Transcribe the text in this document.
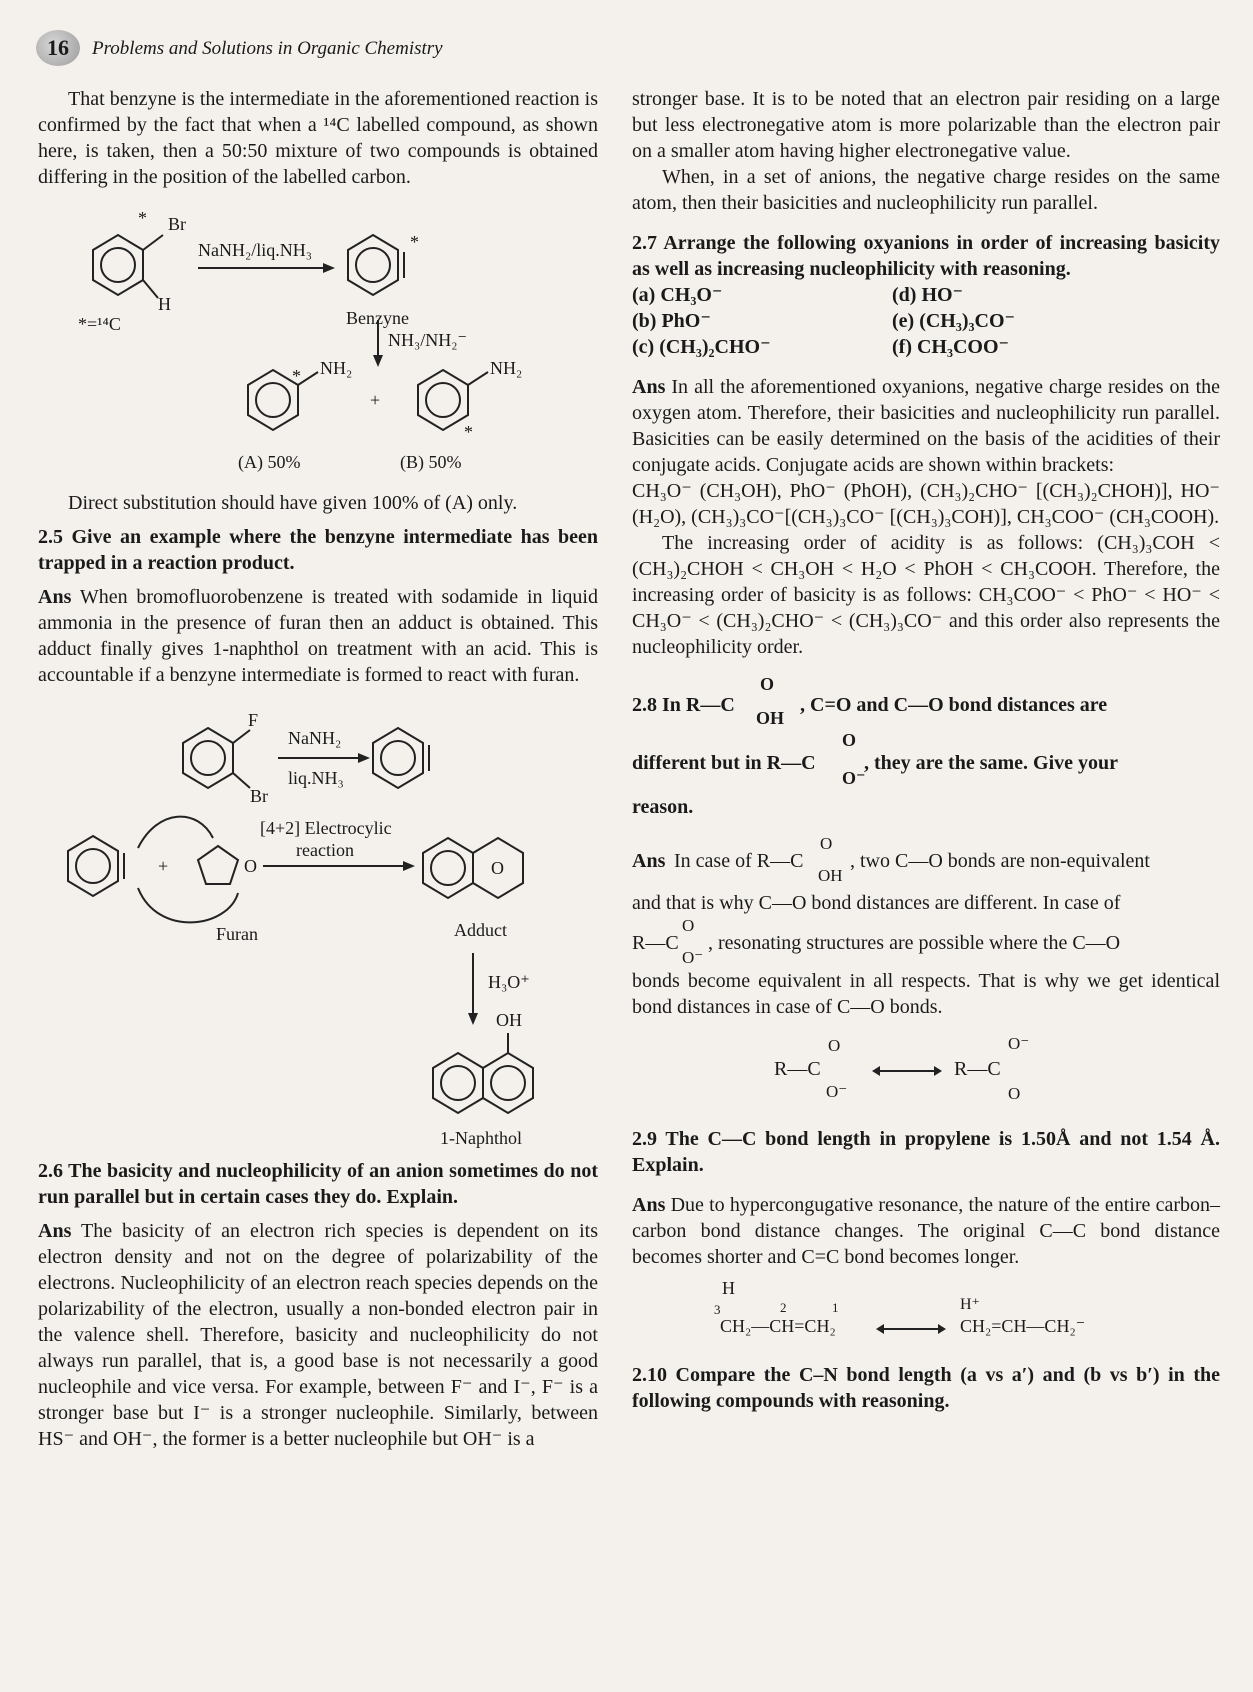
16	Problems and Solutions in Organic Chemistry

That benzyne is the intermediate in the aforementioned reaction is confirmed by the fact that when a ¹⁴C labelled compound, as shown here, is taken, then a 50:50 mixture of two compounds is obtained differing in the position of the labelled carbon.

Br
*
H
*=¹⁴C
NaNH₂/liq.NH₃	*
Benzyne
NH₃/NH₂⁻
NH₂
*
+
NH₂
*
(A) 50%	(B) 50%

Direct substitution should have given 100% of (A) only.

2.5 Give an example where the benzyne intermediate has been trapped in a reaction product.

Ans When bromofluorobenzene is treated with sodamide in liquid ammonia in the presence of furan then an adduct is obtained. This adduct finally gives 1-naphthol on treatment with an acid. This is accountable if a benzyne intermediate is formed to react with furan.

F
Br
NaNH₂
liq.NH₃
+	O
Furan
[4+2] Electrocylic
reaction
O
Adduct
H₃O⁺
OH
1-Naphthol

2.6 The basicity and nucleophilicity of an anion sometimes do not run parallel but in certain cases they do. Explain.

Ans The basicity of an electron rich species is dependent on its electron density and not on the degree of polarizability of the electrons. Nucleophilicity of an electron reach species depends on the polarizability of the electron, usually a non-bonded electron pair in the valence shell. Therefore, basicity and nucleophilicity do not always run parallel, that is, a good base is not necessarily a good nucleophile and vice versa. For example, between F⁻ and I⁻, F⁻ is a stronger base but I⁻ is a stronger nucleophile. Similarly, between HS⁻ and OH⁻, the former is a better nucleophile but OH⁻ is a

stronger base. It is to be noted that an electron pair residing on a large but less electronegative atom is more polarizable than the electron pair on a smaller atom having higher electronegative value.

When, in a set of anions, the negative charge resides on the same atom, then their basicities and nucleophilicity run parallel.

2.7 Arrange the following oxyanions in order of increasing basicity as well as increasing nucleophilicity with reasoning.

(a) CH₃O⁻	(d) HO⁻
(b) PhO⁻	(e) (CH₃)₃CO⁻
(c) (CH₃)₂CHO⁻	(f) CH₃COO⁻

Ans In all the aforementioned oxyanions, negative charge resides on the oxygen atom. Therefore, their basicities and nucleophilicity run parallel. Basicities can be easily determined on the basis of the acidities of their conjugate acids. Conjugate acids are shown within brackets:

CH₃O⁻ (CH₃OH), PhO⁻ (PhOH), (CH₃)₂CHO⁻ [(CH₃)₂CHOH)], HO⁻ (H₂O), (CH₃)₃CO⁻[(CH₃)₃CO⁻ [(CH₃)₃COH)], CH₃COO⁻ (CH₃COOH).

The increasing order of acidity is as follows: (CH₃)₃COH < (CH₃)₂CHOH < CH₃OH < H₂O < PhOH < CH₃COOH. Therefore, the increasing order of basicity is as follows: CH₃COO⁻ < PhO⁻ < HO⁻ < CH₃O⁻ < (CH₃)₂CHO⁻ < (CH₃)₃CO⁻ and this order also represents the nucleophilicity order.

2.8 In R—C
O
OH
, C=O and C—O bond distances are
different but in R—C
O
O⁻
, they are the same. Give your

reason.

Ans In case of R—C
O
OH
, two C—O bonds are non-equivalent

and that is why C—O bond distances are different. In case of

R—C
O
O⁻
, resonating structures are possible where the C—O

bonds become equivalent in all respects. That is why we get identical bond distances in case of C—O bonds.

R—C
O
O⁻
R—C
O⁻
O

2.9 The C—C bond length in propylene is 1.50Å and not 1.54 Å. Explain.

Ans Due to hypercongugative resonance, the nature of the entire carbon–carbon bond distance changes. The original C—C bond distance becomes shorter and C=C bond becomes longer.

H
3	2	1
CH₂—CH=CH₂
H⁺
CH₂=CH—CH₂⁻

2.10 Compare the C–N bond length (a vs a′) and (b vs b′) in the following compounds with reasoning.
